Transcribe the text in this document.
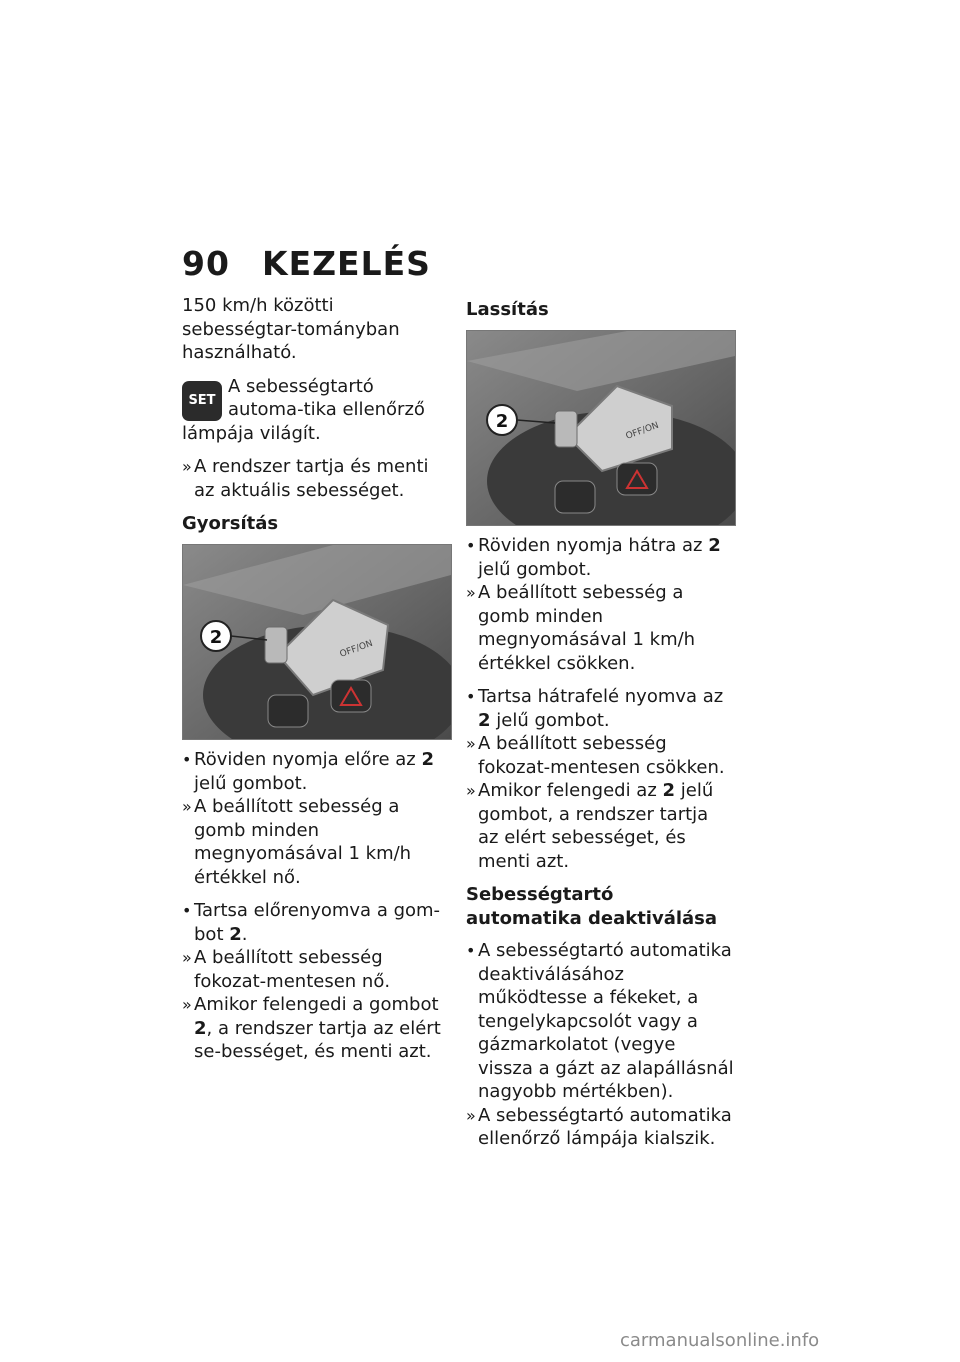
90 KEZELÉS

150 km/h közötti sebességtar-tományban használható.

SET
A sebességtartó automa-tika ellenőrző lámpája világít.

» A rendszer tartja és menti az aktuális sebességet.

Gyorsítás
OFF/ON
2

• Röviden nyomja előre az 2 jelű gombot.

» A beállított sebesség a gomb minden megnyomásával 1 km/h értékkel nő.

• Tartsa előrenyomva a gom-bot 2.

» A beállított sebesség fokozat-mentesen nő.

» Amikor felengedi a gombot 2, a rendszer tartja az elért se-bességet, és menti azt.

Lassítás
OFF/ON
2

• Röviden nyomja hátra az 2 jelű gombot.

» A beállított sebesség a gomb minden megnyomásával 1 km/h értékkel csökken.

• Tartsa hátrafelé nyomva az 2 jelű gombot.

» A beállított sebesség fokozat-mentesen csökken.

» Amikor felengedi az 2 jelű gombot, a rendszer tartja az elért sebességet, és menti azt.

Sebességtartó automatika deaktiválása

• A sebességtartó automatika deaktiválásához működtesse a fékeket, a tengelykapcsolót vagy a gázmarkolatot (vegye vissza a gázt az alapállásnál nagyobb mértékben).

» A sebességtartó automatika ellenőrző lámpája kialszik.

carmanualsonline.info
